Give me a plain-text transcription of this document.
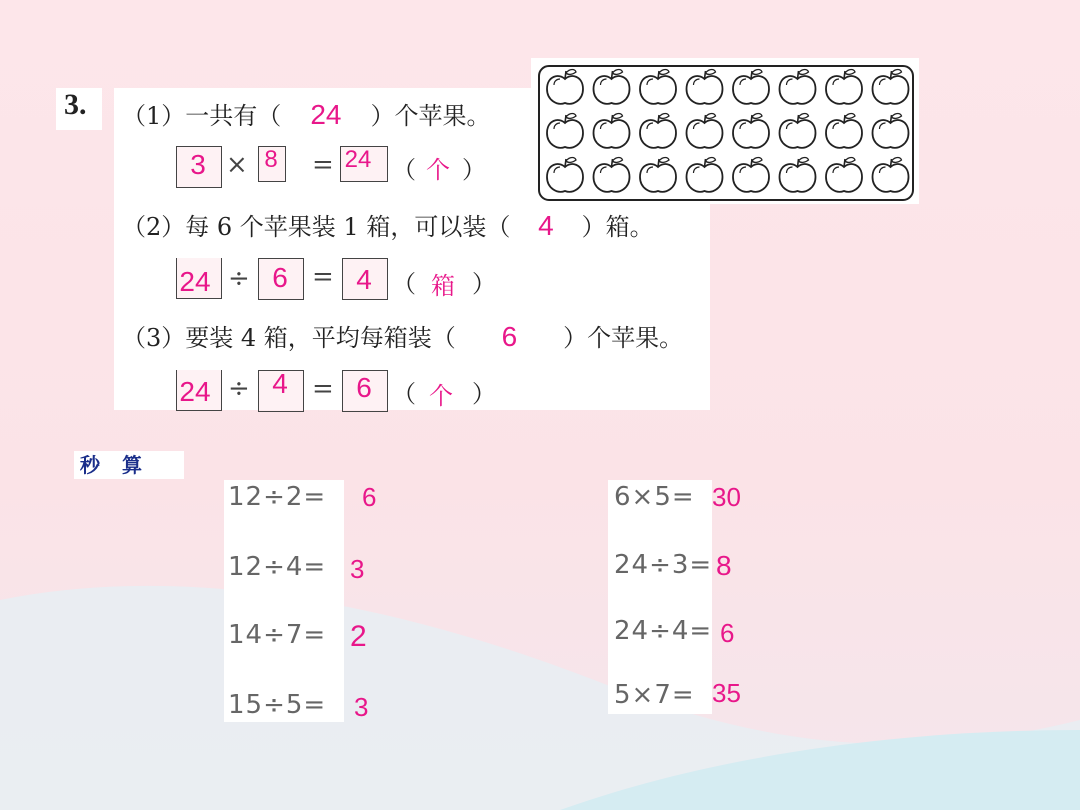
3. （1）一共有（ 24 ）个苹果。
3 × 8 = 24 （ 个 ）
（2）每 6 个苹果装 1 箱，可以装（ 4 ）箱。
24 ÷ 6 = 4 （ 箱 ）
（3）要装 4 箱，平均每箱装（ 6 ）个苹果。
24 ÷ 4 = 6 （ 个 ）
秒算
12÷2= 6
12÷4= 3
14÷7= 2
15÷5= 3
6×5= 30
24÷3= 8
24÷4= 6
5×7= 35
